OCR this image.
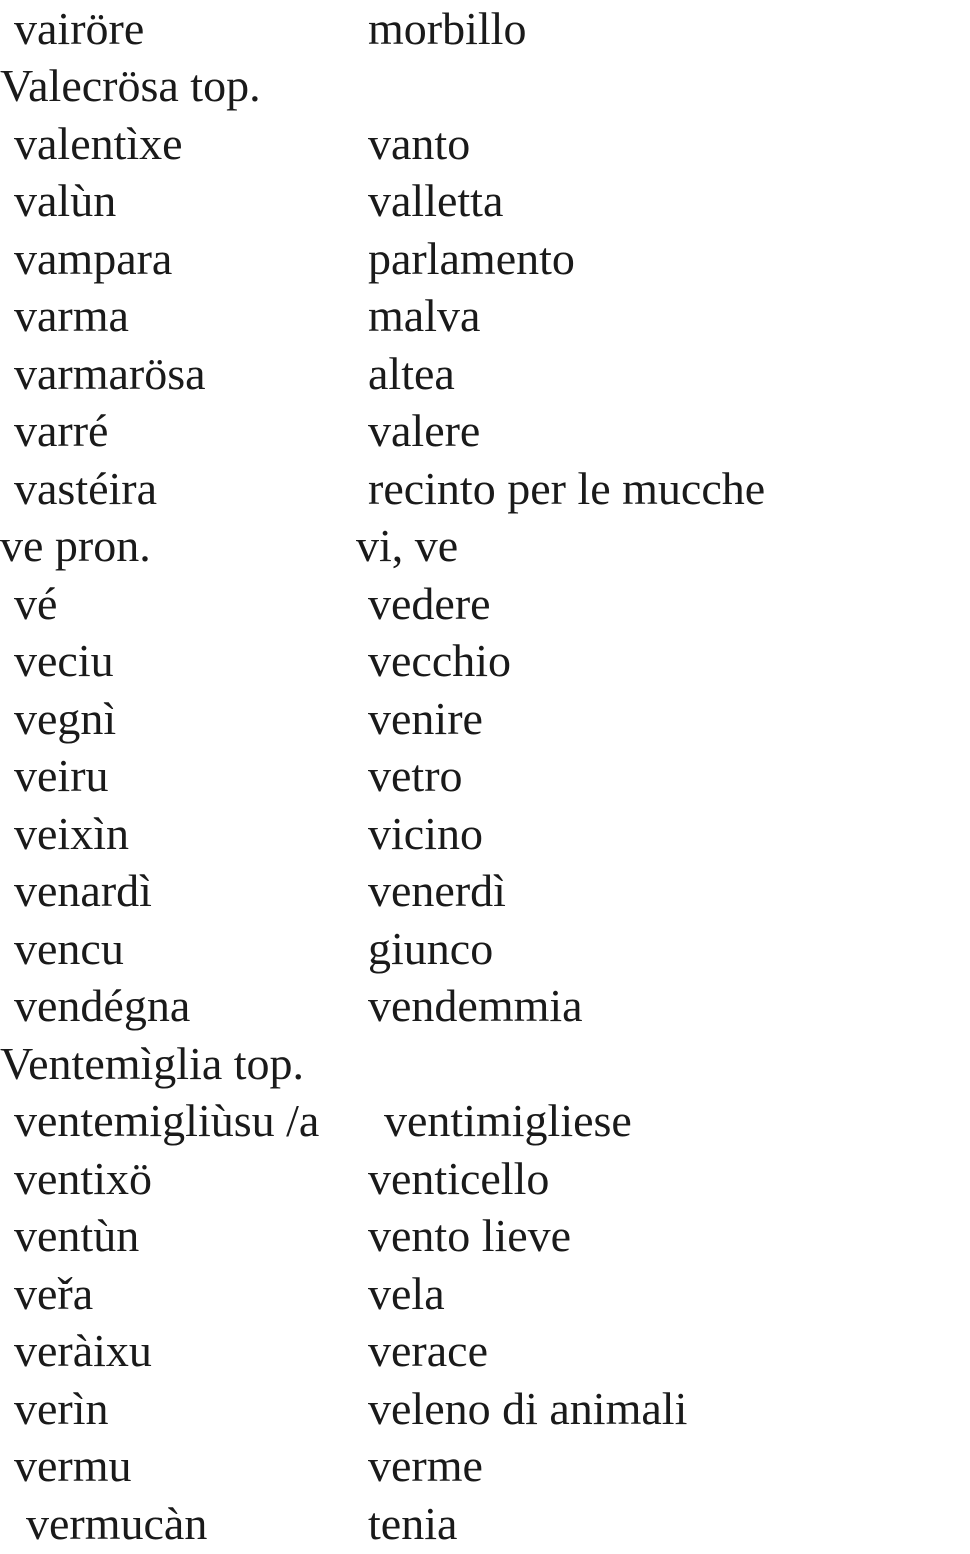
vairöre	morbillo
Valecrösa top.
valentìxe	vanto
valùn	valletta
vampara	parlamento
varma	malva
varmarösa	altea
varré	valere
vastéira	recinto per le mucche
ve pron.	vi, ve
vé	vedere
veciu	vecchio
vegnì	venire
veiru	vetro
veixìn	vicino
venardì	venerdì
vencu	giunco
vendégna	vendemmia
Ventemìglia top.
ventemigliùsu /a ventimigliese
ventixö	venticello
ventùn	vento lieve
veřa	vela
veràixu	verace
verìn	veleno di animali
vermu	verme
vermucàn	tenia
